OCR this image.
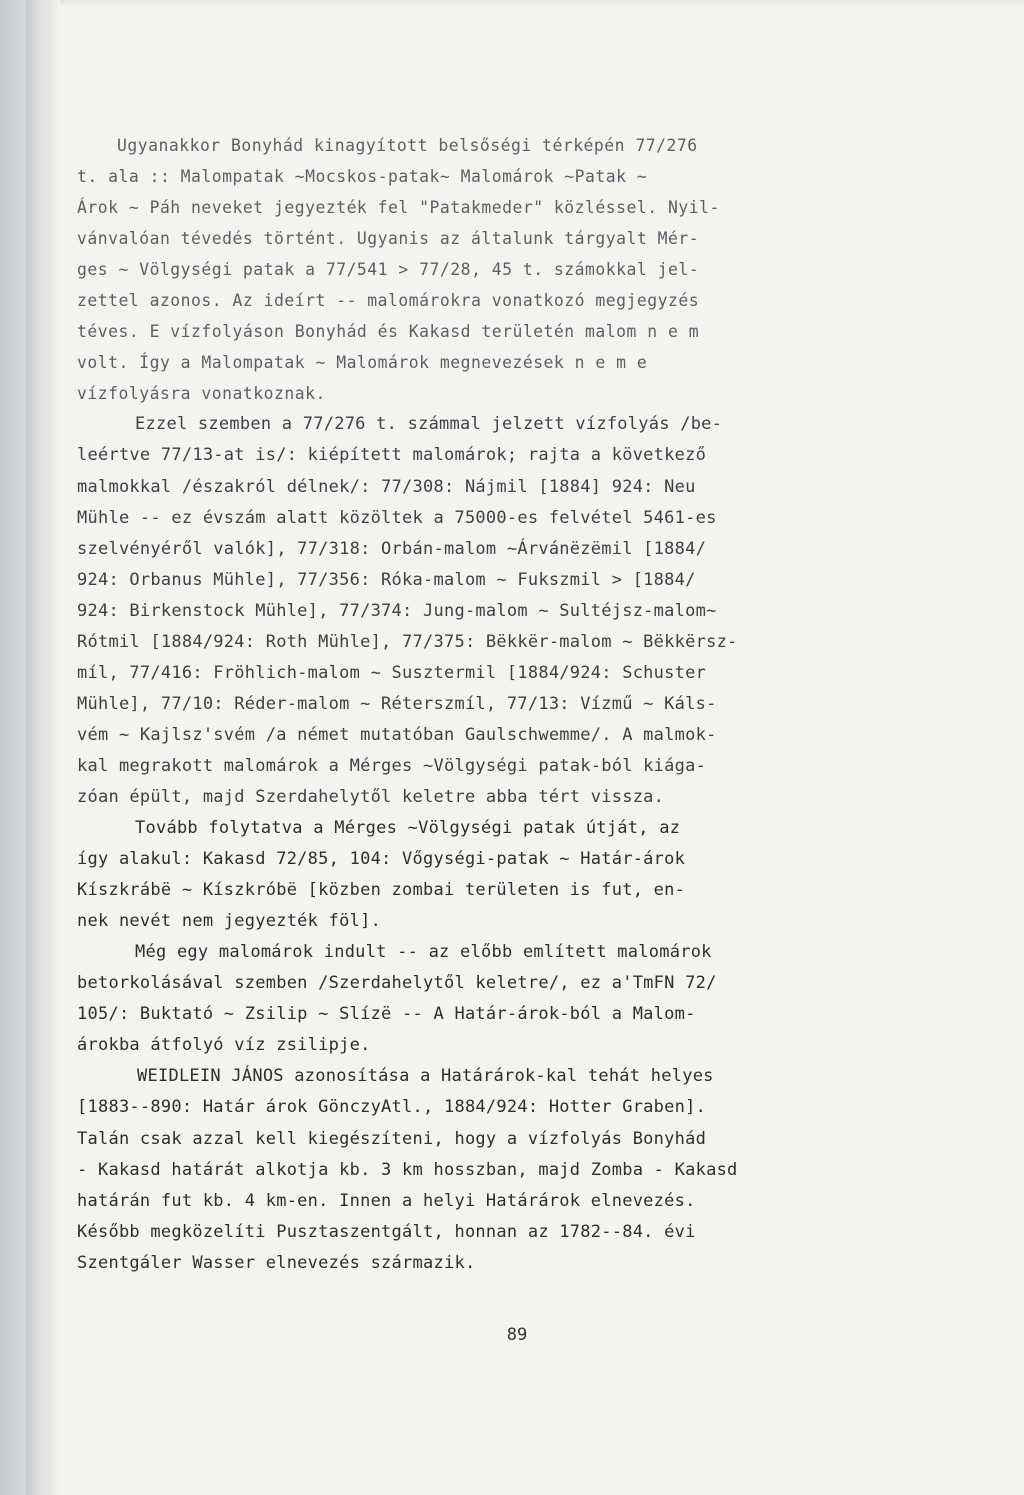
Ugyanakkor Bonyhád kinagyított belsőségi térképén 77/276
t. ala :: Malompatak ~Mocskos-patak~ Malomárok ~Patak ~
Árok ~ Páh neveket jegyezték fel "Patakmeder" közléssel. Nyil-
vánvalóan tévedés történt. Ugyanis az általunk tárgyalt Mér-
ges ~ Völgységi patak a 77/541 > 77/28, 45 t. számokkal jel-
zettel azonos. Az ideírt -- malomárokra vonatkozó megjegyzés
téves. E vízfolyáson Bonyhád és Kakasd területén malom n e m
volt. Így a Malompatak ~ Malomárok megnevezések n e m e
vízfolyásra vonatkoznak.
Ezzel szemben a 77/276 t. számmal jelzett vízfolyás /be-
leértve 77/13-at is/: kiépített malomárok; rajta a következő
malmokkal /északról délnek/: 77/308: Nájmil [1884] 924: Neu
Mühle -- ez évszám alatt közöltek a 75000-es felvétel 5461-es
szelvényéről valók], 77/318: Orbán-malom ~Árvánëzëmil [1884/
924: Orbanus Mühle], 77/356: Róka-malom ~ Fukszmil > [1884/
924: Birkenstock Mühle], 77/374: Jung-malom ~ Sultéjsz-malom~
Rótmil [1884/924: Roth Mühle], 77/375: Bëkkër-malom ~ Bëkkërsz-
míl, 77/416: Fröhlich-malom ~ Susztermil [1884/924: Schuster
Mühle], 77/10: Réder-malom ~ Réterszmíl, 77/13: Vízmű ~ Káls-
vém ~ Kajlsz'svém /a német mutatóban Gaulschwemme/. A malmok-
kal megrakott malomárok a Mérges ~Völgységi patak-ból kiága-
zóan épült, majd Szerdahelytől keletre abba tért vissza.
Tovább folytatva a Mérges ~Völgységi patak útját, az
így alakul: Kakasd 72/85, 104: Vőgységi-patak ~ Határ-árok
Kíszkrábë ~ Kíszkróbë [közben zombai területen is fut, en-
nek nevét nem jegyezték föl].
Még egy malomárok indult -- az előbb említett malomárok
betorkolásával szemben /Szerdahelytől keletre/, ez a'TmFN 72/
105/: Buktató ~ Zsilip ~ Slízë -- A Határ-árok-ból a Malom-
árokba átfolyó víz zsilipje.
WEIDLEIN JÁNOS azonosítása a Határárok-kal tehát helyes
[1883--890: Határ árok GönczyAtl., 1884/924: Hotter Graben].
Talán csak azzal kell kiegészíteni, hogy a vízfolyás Bonyhád
- Kakasd határát alkotja kb. 3 km hosszban, majd Zomba - Kakasd
határán fut kb. 4 km-en. Innen a helyi Határárok elnevezés.
Később megközelíti Pusztaszentgált, honnan az 1782--84. évi
Szentgáler Wasser elnevezés származik.
89
